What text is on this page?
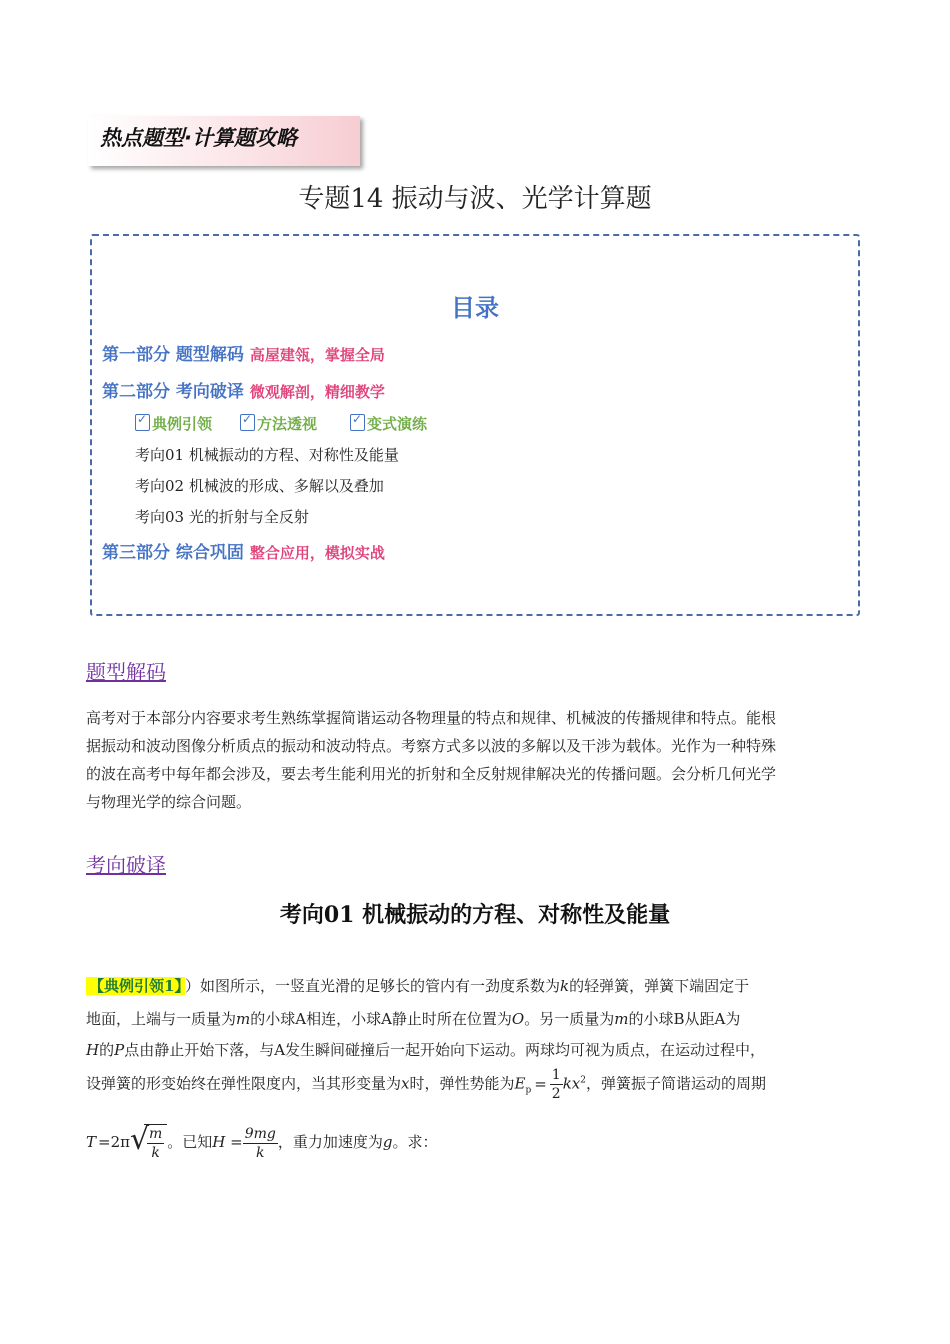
热点题型·计算题攻略
专题14 振动与波、光学计算题
目录
第一部分 题型解码 高屋建瓴，掌握全局
第二部分 考向破译 微观解剖，精细教学
✓典例引领 ✓	方法透视 ✓	变式演练
考向01 机械振动的方程、对称性及能量
考向02 机械波的形成、多解以及叠加
考向03 光的折射与全反射
第三部分 综合巩固 整合应用，模拟实战
题型解码
高考对于本部分内容要求考生熟练掌握简谐运动各物理量的特点和规律、机械波的传播规律和特点。能根
据振动和波动图像分析质点的振动和波动特点。考察方式多以波的多解以及干涉为载体。光作为一种特殊
的波在高考中每年都会涉及，要去考生能利用光的折射和全反射规律解决光的传播问题。会分析几何光学
与物理光学的综合问题。
考向破译
考向01 机械振动的方程、对称性及能量
【典例引领1】 ）如图所示，一竖直光滑的足够长的管内有一劲度系数为k的轻弹簧，弹簧下端固定于
地面，上端与一质量为m的小球A相连，小球A静止时所在位置为O。另一质量为m的小球B从距A为
H的P点由静止开始下落，与A发生瞬间碰撞后一起开始向下运动。两球均可视为质点，在运动过程中，
设弹簧的形变始终在弹性限度内，当其形变量为x时，弹性势能为$E_p = \frac{1}{2} kx^2$，弹簧振子简谐运动的周期
T =2π √ $\frac{m}{k}$ 。已知$H = \frac{9mg}{k}$ ，重力加速度为g。求：
